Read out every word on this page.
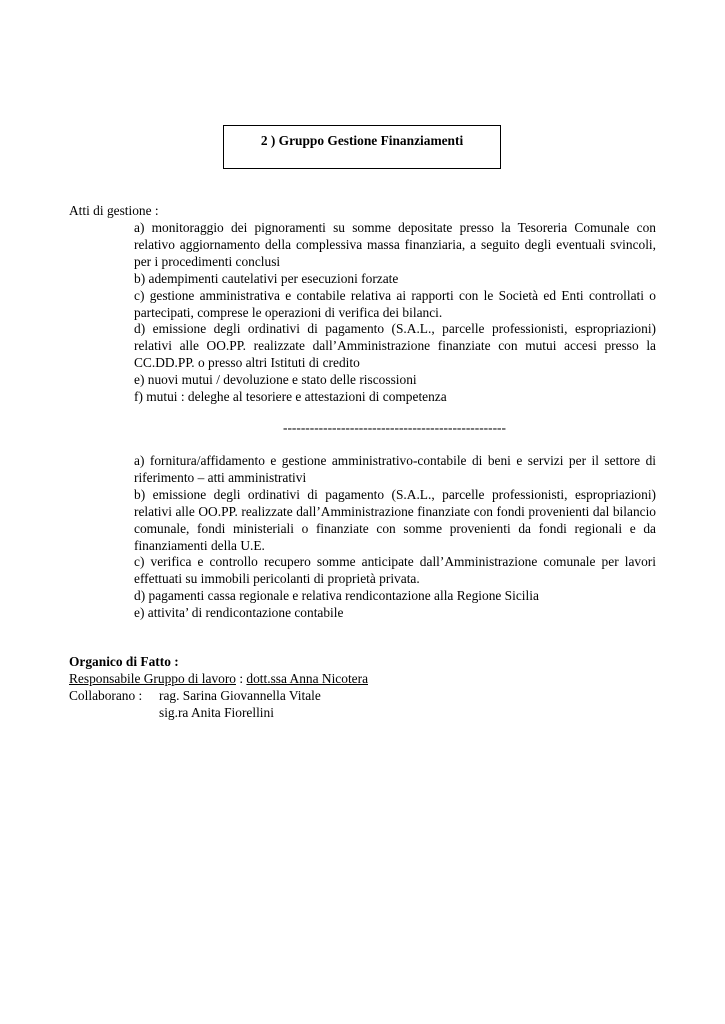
2 ) Gruppo Gestione Finanziamenti
Atti di gestione :

a) monitoraggio dei pignoramenti su somme depositate presso la Tesoreria Comunale con relativo aggiornamento della complessiva massa finanziaria, a seguito degli eventuali svincoli, per i procedimenti conclusi

b) adempimenti cautelativi per esecuzioni forzate

c) gestione amministrativa e contabile relativa ai rapporti con le Società ed Enti controllati o partecipati, comprese le operazioni di verifica dei bilanci.

d) emissione degli ordinativi di pagamento (S.A.L., parcelle professionisti, espropriazioni) relativi alle OO.PP. realizzate dall’Amministrazione finanziate con mutui accesi presso la CC.DD.PP. o presso altri Istituti di credito

e) nuovi mutui / devoluzione e stato delle riscossioni

f) mutui : deleghe al tesoriere e attestazioni di competenza

--------------------------------------------------

a) fornitura/affidamento e gestione amministrativo-contabile di beni e servizi per il settore di riferimento – atti amministrativi

b) emissione degli ordinativi di pagamento (S.A.L., parcelle professionisti, espropriazioni) relativi alle OO.PP. realizzate dall’Amministrazione finanziate con fondi provenienti dal bilancio comunale, fondi ministeriali o finanziate con somme provenienti da fondi regionali e da finanziamenti della U.E.

c) verifica e controllo recupero somme anticipate dall’Amministrazione comunale per lavori effettuati su immobili pericolanti di proprietà privata.

d) pagamenti cassa regionale e relativa rendicontazione alla Regione Sicilia

e) attivita’ di rendicontazione contabile

Organico di Fatto :

Responsabile Gruppo di lavoro : dott.ssa Anna Nicotera

Collaborano :	rag. Sarina Giovannella Vitale
sig.ra Anita Fiorellini
